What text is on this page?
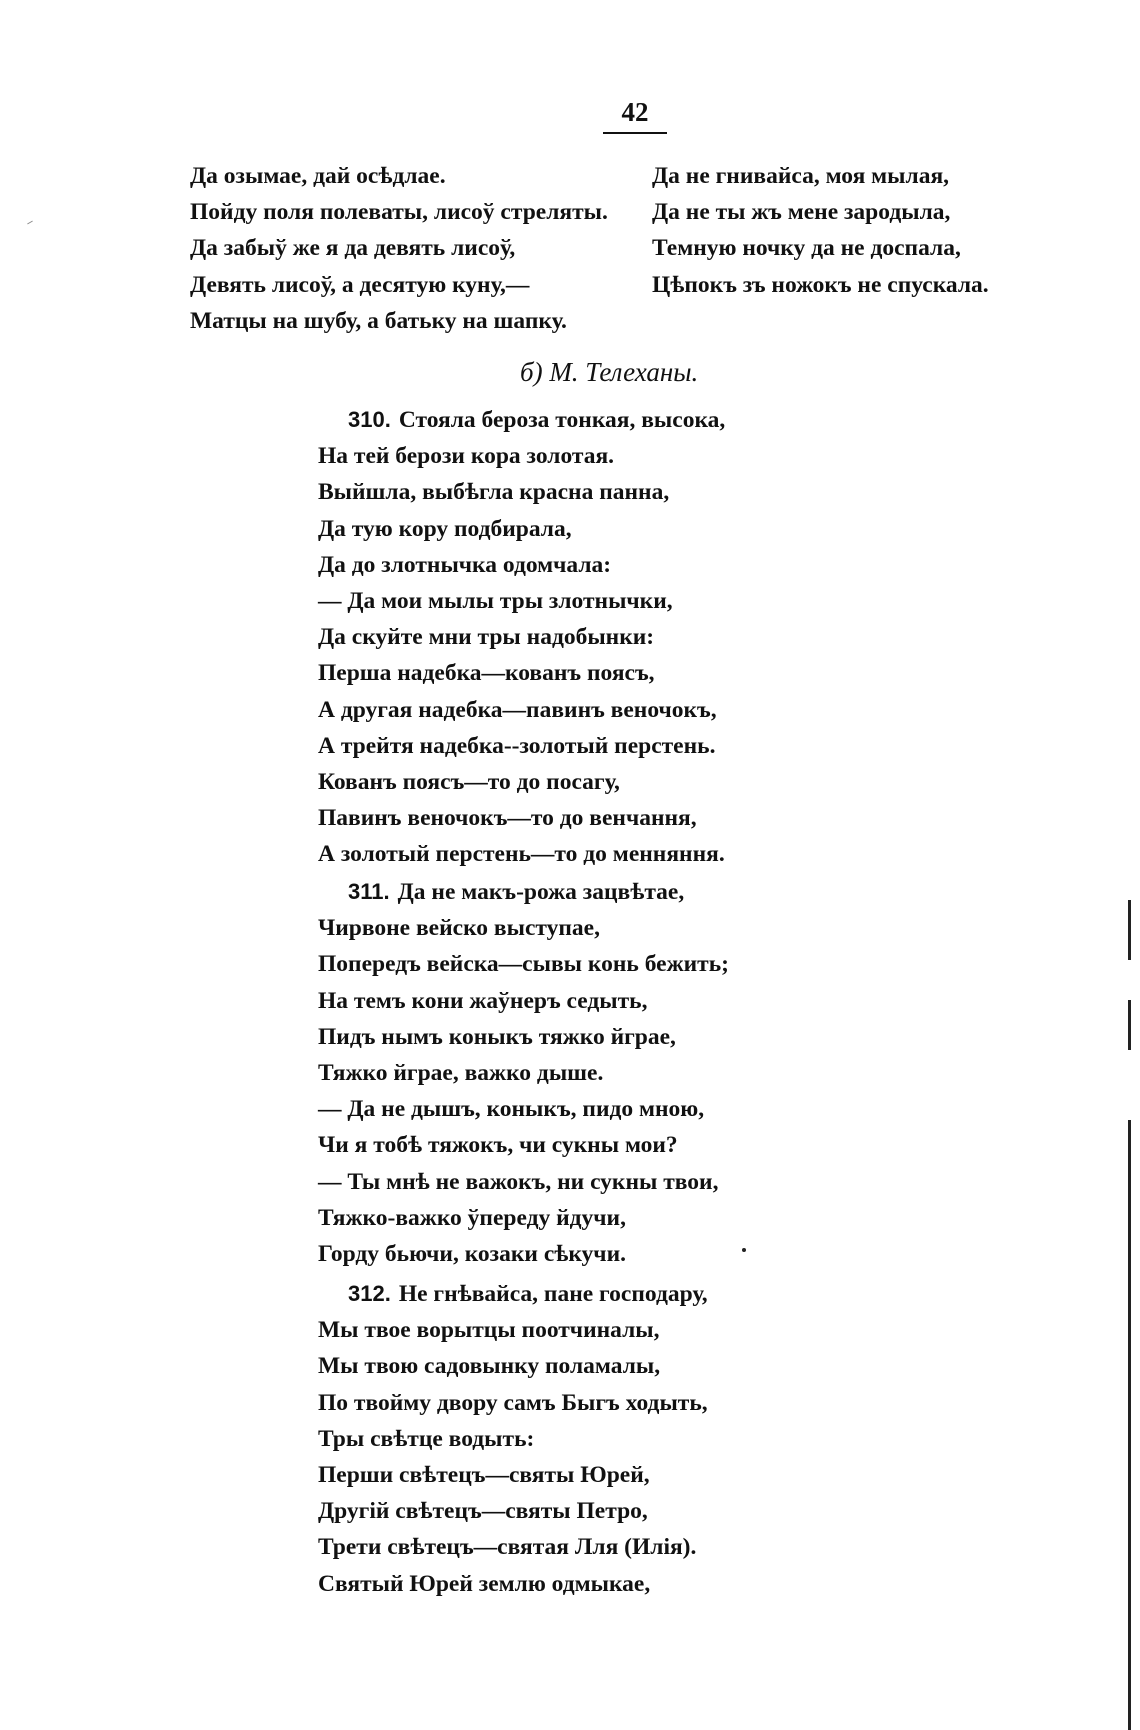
42
Да озымае, дай осѣдлае.
Пойду поля полеваты, лисоў стреляты.
Да забыў же я да девять лисоў,
Девять лисоў, а десятую куну,—
Матцы на шубу, а батьку на шапку.
Да не гнивайса, моя мылая,
Да не ты жъ мене зародыла,
Темную ночку да не доспала,
Цѣпокъ зъ ножокъ не спускала.
б) М. Телеханы.
310. Стояла бероза тонкая, высока,
На тей берози кора золотая.
Выйшла, выбѣгла красна панна,
Да тую кору подбирала,
Да до злотнычка одомчала:
— Да мои мылы тры злотнычки,
Да скуйте мни тры надобынки:
Перша надебка—кованъ поясъ,
А другая надебка—павинъ веночокъ,
А трейтя надебка--золотый перстень.
Кованъ поясъ—то до посагу,
Павинъ веночокъ—то до венчання,
А золотый перстень—то до менняння.
311. Да не макъ-рожа зацвѣтае,
Чирвоне вейско выступае,
Попередъ вейска—сывы конь бежить;
На темъ кони жаўнеръ седыть,
Пидъ нымъ коныкъ тяжко йграе,
Тяжко йграе, важко дыше.
— Да не дышъ, коныкъ, пидо мною,
Чи я тобѣ тяжокъ, чи сукны мои?
— Ты мнѣ не важокъ, ни сукны твои,
Тяжко-важко ўпереду йдучи,
Горду бьючи, козаки сѣкучи.
312. Не гнѣвайса, пане господару,
Мы твое ворытцы поотчиналы,
Мы твою садовынку поламалы,
По твойму двору самъ Быгъ ходыть,
Тры свѣтце водыть:
Перши свѣтецъ—святы Юрей,
Другій свѣтецъ—святы Петро,
Трети свѣтецъ—святая Лля (Илія).
Святый Юрей землю одмыкае,
